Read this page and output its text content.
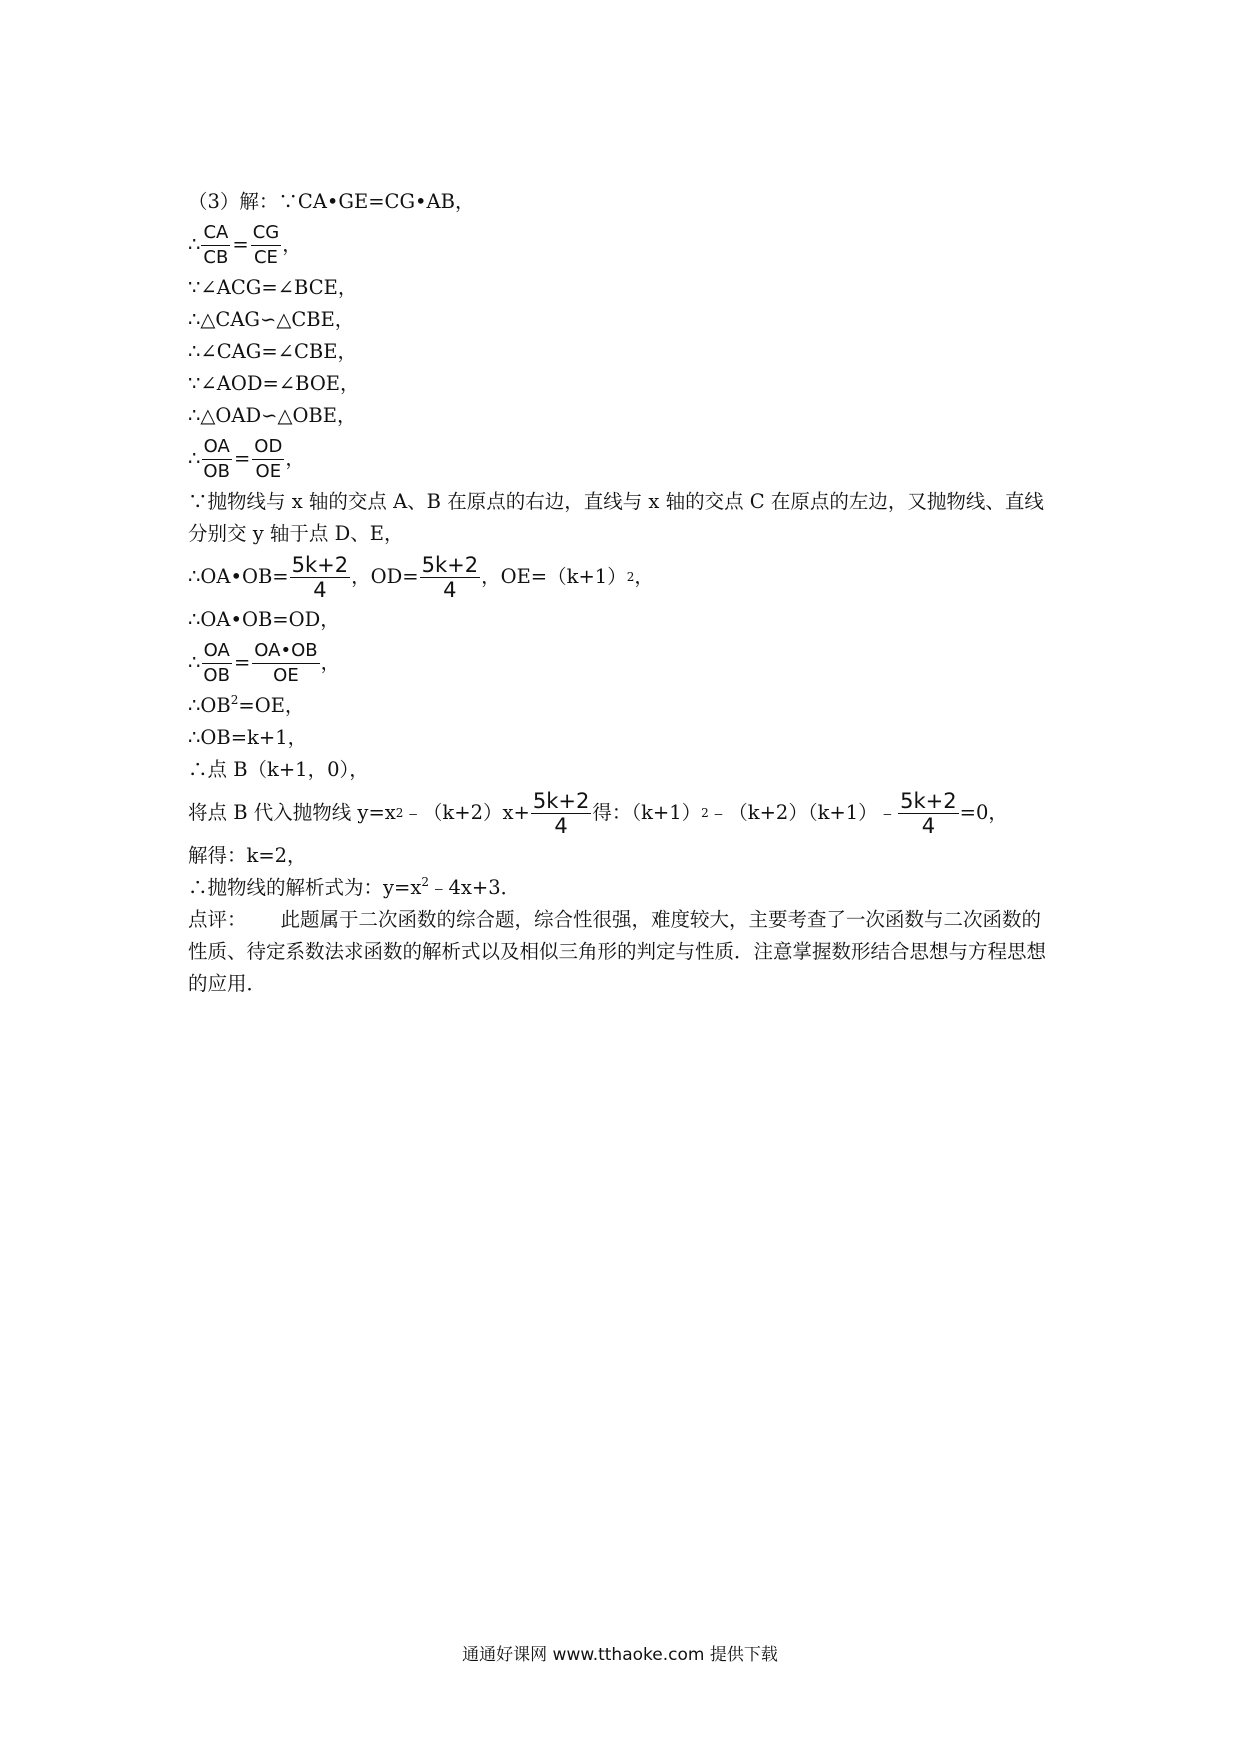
（3）解：∵CA•GE=CG•AB，
∴ $\frac{CA}{CB} = \frac{CG}{CE}$ ，
∵∠ACG=∠BCE，
∴△CAG∽△CBE，
∴∠CAG=∠CBE，
∵∠AOD=∠BOE，
∴△OAD∽△OBE，
∴ $\frac{OA}{OB} = \frac{OD}{OE}$ ，
∵抛物线与 x 轴的交点 A、B 在原点的右边，直线与 x 轴的交点 C 在原点的左边，又抛物线、直线分别交 y 轴于点 D、E，
∴OA•OB= $\frac{5k+2}{4}$ ，$OD= \frac{5k+2}{4}$ ，OE=（k+1） 2 ，
∴OA•OB=OD，
∴ $\frac{OA}{OB} = \frac{OA•OB}{OE}$ ，
$\therefore OB^2=OE$，
∴OB=k+1，
∴点 B（k+1，0），
将点 B 代入抛物线 y=x 2 ﹣（k+2）x+ $\frac{5k+2}{4}$ 得：（k+1） 2 ﹣（k+2）（k+1）﹣ $\frac{5k+2}{4} =0$，
解得：k=2，
∴抛物线的解析式为：$y=x^2﹣4x+3$．
点评： 此题属于二次函数的综合题，综合性很强，难度较大，主要考查了一次函数与二次函数的性质、待定系数法求函数的解析式以及相似三角形的判定与性质．注意掌握数形结合思想与方程思想的应用．
通通好课网 www.tthaoke.com 提供下载
